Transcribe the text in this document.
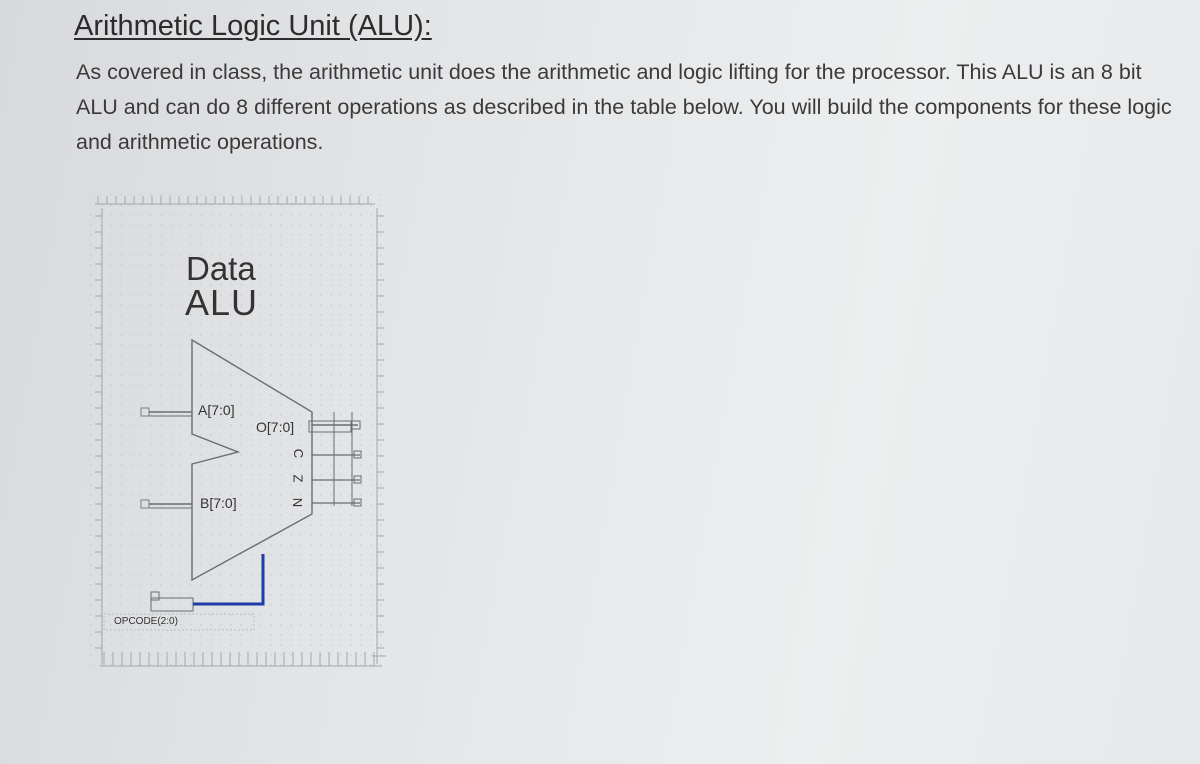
Arithmetic Logic Unit (ALU):

As covered in class, the arithmetic unit does the arithmetic and logic lifting for the processor. This ALU is an 8 bit ALU and can do 8 different operations as described in the table below. You will build the components for these logic and arithmetic operations.

Data
ALU
A[7:0]
B[7:0]
O[7:0]
C
Z
N
OPCODE(2:0)
